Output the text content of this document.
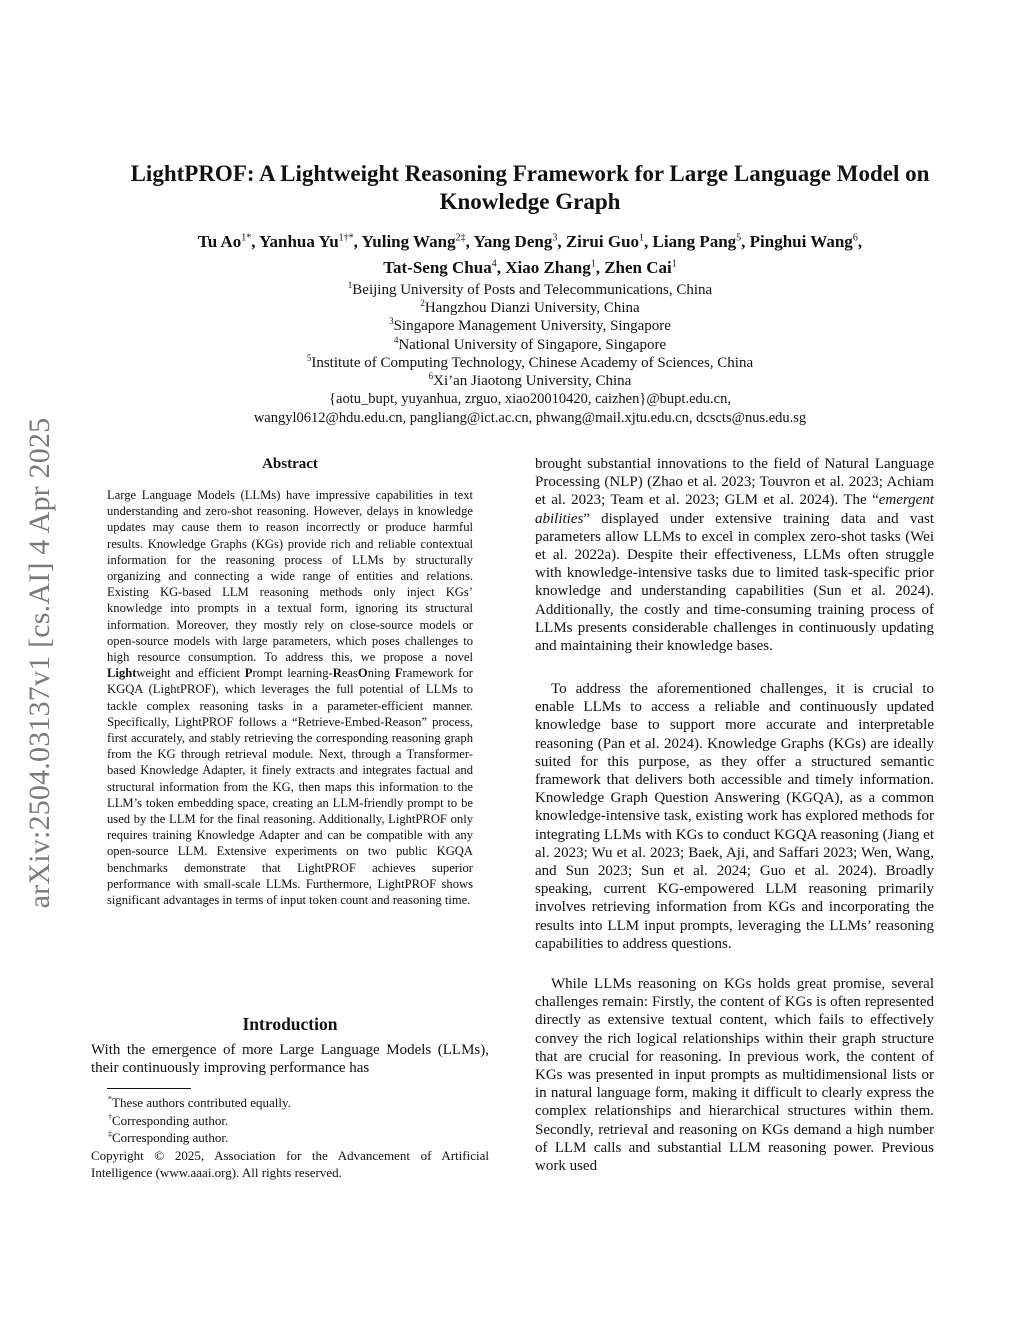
arXiv:2504.03137v1 [cs.AI] 4 Apr 2025
LightPROF: A Lightweight Reasoning Framework for Large Language Model on Knowledge Graph
Tu $Ao^{1*}$, Yanhua $Yu^{1\dagger*}$, Yuling Wang$^{2\ddagger}$, Yang Deng$^3$, Zirui Guo$^1$, Liang Pang$^5$, Pinghui Wang$^6$,
Tat-Seng Chua$^4$, Xiao Zhang$^1$, Zhen Cai$^1$
$^1$Beijing University of Posts and Telecommunications, China
$^2$Hangzhou Dianzi University, China
$^3$Singapore Management University, Singapore
$^4$National University of Singapore, Singapore
$^5$Institute of Computing Technology, Chinese Academy of Sciences, China
$^6$Xi’an Jiaotong University, China
{aotu_bupt, yuyanhua, zrguo, xiao20010420, caizhen}@bupt.edu.cn,
wangyl0612@hdu.edu.cn, pangliang@ict.ac.cn, phwang@mail.xjtu.edu.cn, dcscts@nus.edu.sg
Abstract
Large Language Models (LLMs) have impressive capabilities in text understanding and zero-shot reasoning. However, delays in knowledge updates may cause them to reason incorrectly or produce harmful results. Knowledge Graphs (KGs) provide rich and reliable contextual information for the reasoning process of LLMs by structurally organizing and connecting a wide range of entities and relations. Existing KG-based LLM reasoning methods only inject KGs’ knowledge into prompts in a textual form, ignoring its structural information. Moreover, they mostly rely on close-source models or open-source models with large parameters, which poses challenges to high resource consumption. To address this, we propose a novel Lightweight and efficient Prompt learning-ReasOning Framework for KGQA (LightPROF), which leverages the full potential of LLMs to tackle complex reasoning tasks in a parameter-efficient manner. Specifically, LightPROF follows a “Retrieve-Embed-Reason” process, first accurately, and stably retrieving the corresponding reasoning graph from the KG through retrieval module. Next, through a Transformer-based Knowledge Adapter, it finely extracts and integrates factual and structural information from the KG, then maps this information to the LLM’s token embedding space, creating an LLM-friendly prompt to be used by the LLM for the final reasoning. Additionally, LightPROF only requires training Knowledge Adapter and can be compatible with any open-source LLM. Extensive experiments on two public KGQA benchmarks demonstrate that LightPROF achieves superior performance with small-scale LLMs. Furthermore, LightPROF shows significant advantages in terms of input token count and reasoning time.
Introduction
With the emergence of more Large Language Models (LLMs), their continuously improving performance has
*These authors contributed equally.
†Corresponding author.
‡Corresponding author.
Copyright © 2025, Association for the Advancement of Artificial Intelligence (www.aaai.org). All rights reserved.

brought substantial innovations to the field of Natural Language Processing (NLP) (Zhao et al. 2023; Touvron et al. 2023; Achiam et al. 2023; Team et al. 2023; GLM et al. 2024). The “emergent abilities” displayed under extensive training data and vast parameters allow LLMs to excel in complex zero-shot tasks (Wei et al. 2022a). Despite their effectiveness, LLMs often struggle with knowledge-intensive tasks due to limited task-specific prior knowledge and understanding capabilities (Sun et al. 2024). Additionally, the costly and time-consuming training process of LLMs presents considerable challenges in continuously updating and maintaining their knowledge bases.

To address the aforementioned challenges, it is crucial to enable LLMs to access a reliable and continuously updated knowledge base to support more accurate and interpretable reasoning (Pan et al. 2024). Knowledge Graphs (KGs) are ideally suited for this purpose, as they offer a structured semantic framework that delivers both accessible and timely information. Knowledge Graph Question Answering (KGQA), as a common knowledge-intensive task, existing work has explored methods for integrating LLMs with KGs to conduct KGQA reasoning (Jiang et al. 2023; Wu et al. 2023; Baek, Aji, and Saffari 2023; Wen, Wang, and Sun 2023; Sun et al. 2024; Guo et al. 2024). Broadly speaking, current KG-empowered LLM reasoning primarily involves retrieving information from KGs and incorporating the results into LLM input prompts, leveraging the LLMs’ reasoning capabilities to address questions.

While LLMs reasoning on KGs holds great promise, several challenges remain: Firstly, the content of KGs is often represented directly as extensive textual content, which fails to effectively convey the rich logical relationships within their graph structure that are crucial for reasoning. In previous work, the content of KGs was presented in input prompts as multidimensional lists or in natural language form, making it difficult to clearly express the complex relationships and hierarchical structures within them. Secondly, retrieval and reasoning on KGs demand a high number of LLM calls and substantial LLM reasoning power. Previous work used
